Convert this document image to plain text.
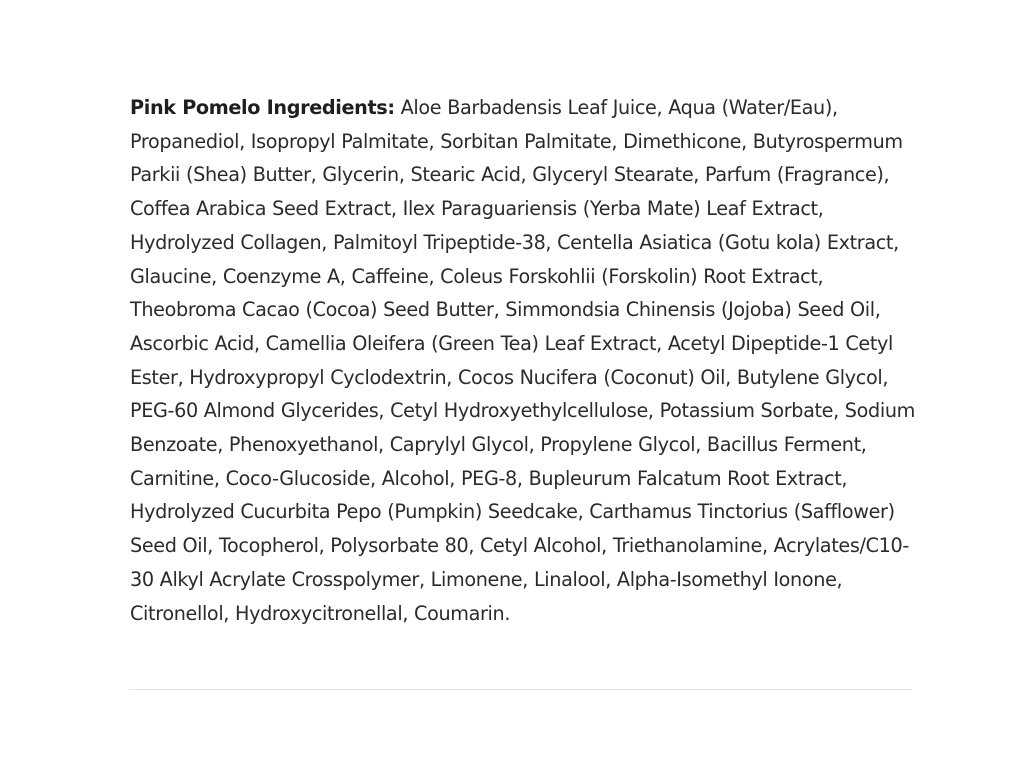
Pink Pomelo Ingredients: Aloe Barbadensis Leaf Juice, Aqua (Water/Eau), Propanediol, Isopropyl Palmitate, Sorbitan Palmitate, Dimethicone, Butyrospermum Parkii (Shea) Butter, Glycerin, Stearic Acid, Glyceryl Stearate, Parfum (Fragrance), Coffea Arabica Seed Extract, Ilex Paraguariensis (Yerba Mate) Leaf Extract, Hydrolyzed Collagen, Palmitoyl Tripeptide-38, Centella Asiatica (Gotu kola) Extract, Glaucine, Coenzyme A, Caffeine, Coleus Forskohlii (Forskolin) Root Extract, Theobroma Cacao (Cocoa) Seed Butter, Simmondsia Chinensis (Jojoba) Seed Oil, Ascorbic Acid, Camellia Oleifera (Green Tea) Leaf Extract, Acetyl Dipeptide-1 Cetyl Ester, Hydroxypropyl Cyclodextrin, Cocos Nucifera (Coconut) Oil, Butylene Glycol, PEG-60 Almond Glycerides, Cetyl Hydroxyethylcellulose, Potassium Sorbate, Sodium Benzoate, Phenoxyethanol, Caprylyl Glycol, Propylene Glycol, Bacillus Ferment, Carnitine, Coco-Glucoside, Alcohol, PEG-8, Bupleurum Falcatum Root Extract, Hydrolyzed Cucurbita Pepo (Pumpkin) Seedcake, Carthamus Tinctorius (Safflower) Seed Oil, Tocopherol, Polysorbate 80, Cetyl Alcohol, Triethanolamine, Acrylates/C10-30 Alkyl Acrylate Crosspolymer, Limonene, Linalool, Alpha-Isomethyl Ionone, Citronellol, Hydroxycitronellal, Coumarin.
